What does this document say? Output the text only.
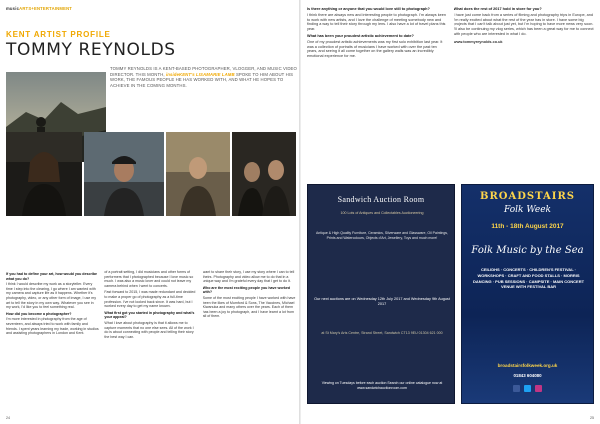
musicARTS+ENTERTAINMENT
KENT ARTIST PROFILE
TOMMY REYNOLDS
TOMMY REYNOLDS IS A KENT-BASED PHOTOGRAPHER, VLOGGER, AND MUSIC VIDEO DIRECTOR. THIS MONTH, insideKENT's LISAMARIE LAMB SPOKE TO HIM ABOUT HIS WORK, THE FAMOUS PEOPLE HE HAS WORKED WITH, AND WHAT HE HOPES TO ACHIEVE IN THE COMING MONTHS.
If you had to define your art, how would you describe what you do?

I think I would describe my work as a storyteller. Every time I step into the clearing, I go where I am wanted with my camera and capture life as it happens. Whether it's photography, video, or any other form of image, I use my art to tell the story in my own way. Whatever you see in my work, I'd like you to feel something real.

How did you become a photographer?

I'm more interested in photography from the age of seventeen, and always tried to work with family and friends. I spent years learning my trade, working in studios and assisting photographers in London and Kent.

of a portrait setting, I did musicians and other forms of performers that I photographed because I love music so much. I was also a music lover and could not leave my camera behind when I went to concerts.

Fast forward to 2015, I was made redundant and decided to make a proper go of photography as a full-time profession. I've not looked back since. It was hard, but I worked every day to get my name known.

What first got you started in photography and what's your appeal?

What I love about photography is that it allows me to capture moments that no one else sees. All of the work I do is about connecting with people and telling their story the best way I can.

want to share their story, I use my story where I can to tell theirs. Photography and video allow me to do that in a unique way and I'm grateful every day that I get to do it.

Who are the most exciting people you have worked with?

Some of the most exciting people I have worked with have been the likes of Mumford & Sons, The Vaccines, Michael Kiwanuka and many others over the years. Each of them has been a joy to photograph, and I have learnt a lot from all of them.

24
Is there anything or anyone that you would love still to photograph?

I think there are always new and interesting people to photograph. I'm always keen to work with new artists, and I love the challenge of meeting somebody new and finding a way to tell their story through my lens. I also have a lot of travel plans this year.

What has been your proudest artistic achievement to date?

One of my proudest artistic achievements was my first solo exhibition last year. It was a collection of portraits of musicians I have worked with over the past ten years, and seeing it all come together on the gallery walls was an incredibly emotional experience for me.

What does the rest of 2017 hold in store for you?

I have just come back from a series of filming and photography trips in Europe, and I'm really excited about what the rest of the year has in store. I have some big projects that I can't talk about just yet, but I'm hoping to have more news very soon. I'll also be continuing my vlog series, which has been a great way for me to connect with people who are interested in what I do.

www.tommyreynolds.co.uk

Sandwich Auction Room
100 Lots of Antiques and Collectables Auctioneering
Antique & High Quality Furniture, Ceramics, Silverware and Glassware, Oil Paintings, Prints and Watercolours, Objects d'Art, Jewellery, Toys and much more!
Our next auctions are on Wednesday 12th July 2017 and Wednesday 9th August 2017
at St Mary's Arts Centre, Strand Street, Sandwich CT13 9EU 01304 621 000
Viewing on Tuesdays before each auction Search our online catalogue now at www.sandwichauctionroom.com
BROADSTAIRS
Folk Week
11th - 18th August 2017
Folk Music by the Sea
CEILIDHS · CONCERTS · CHILDREN'S FESTIVAL · WORKSHOPS · CRAFT AND FOOD STALLS · MORRIS DANCING · PUB SESSIONS · CAMPSITE · MAIN CONCERT VENUE WITH FESTIVAL BAR
broadstairsfolkweek.org.uk
01843 604080
25
